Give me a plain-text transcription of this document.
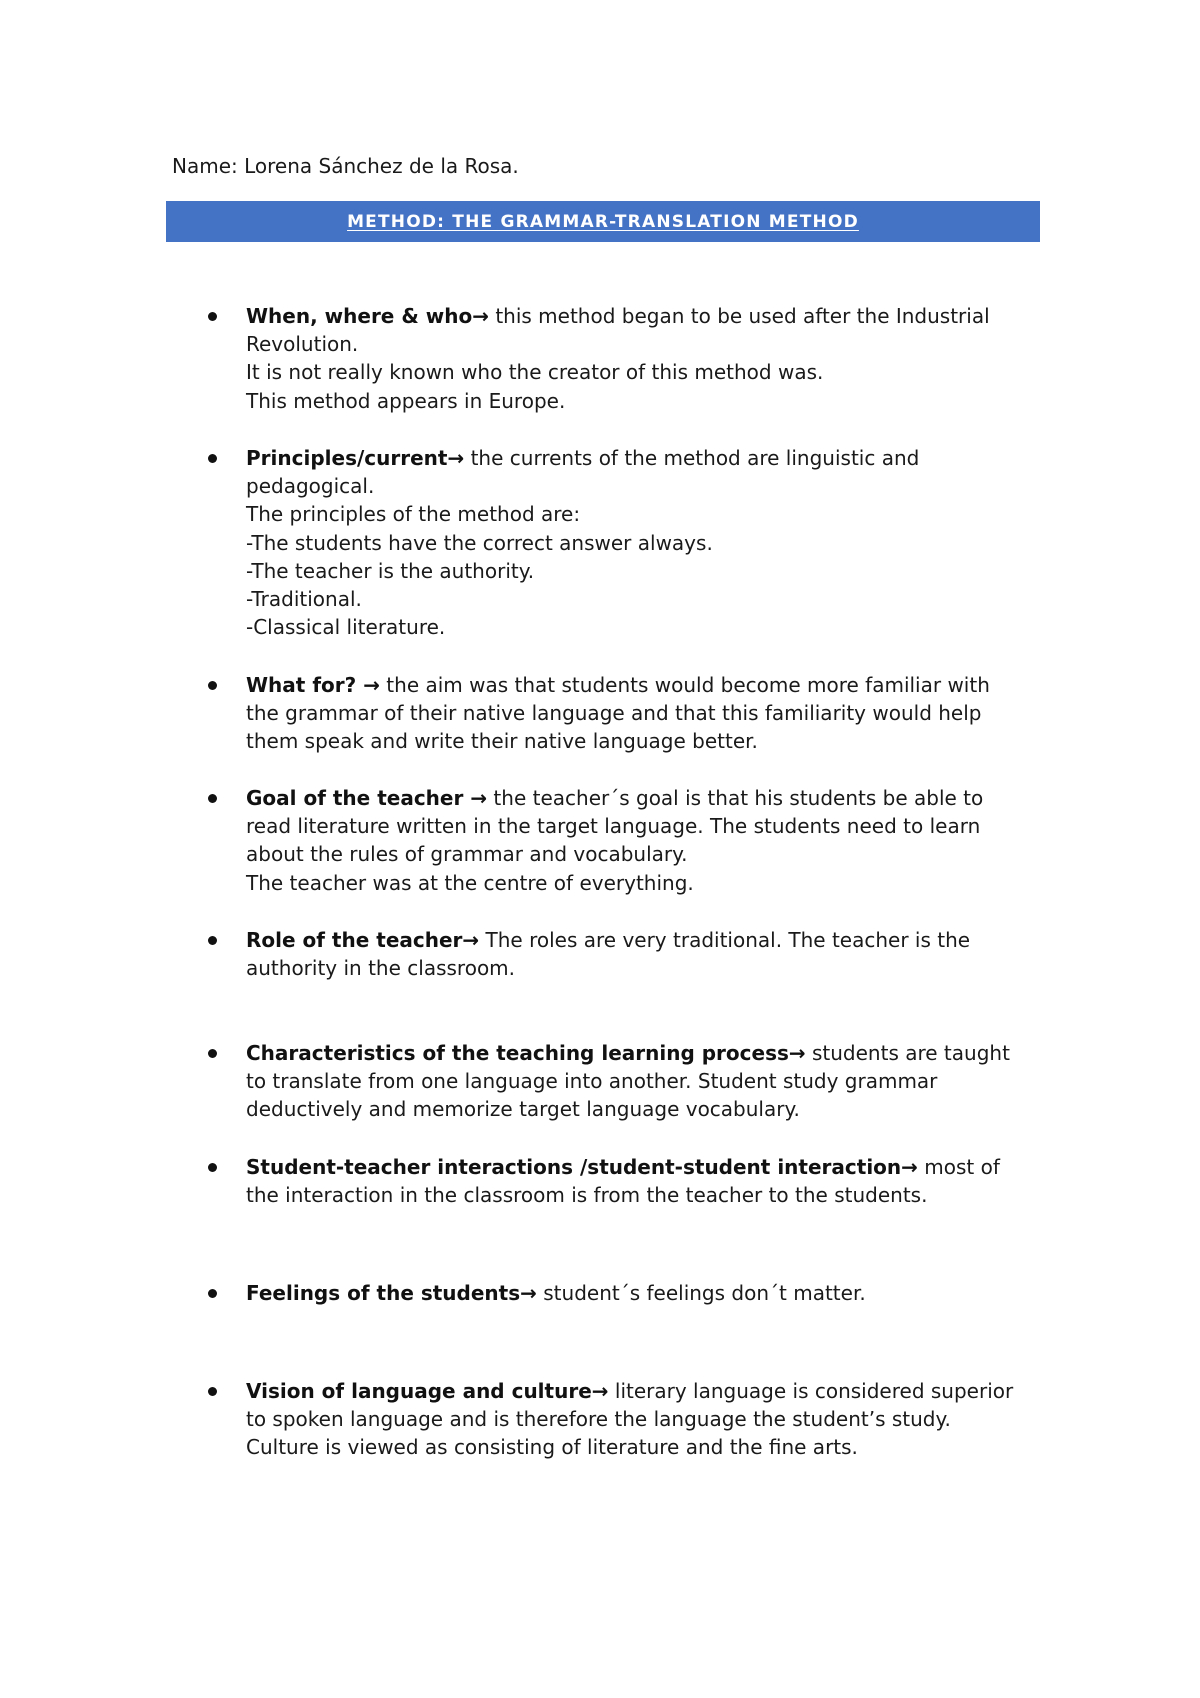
Name: Lorena Sánchez de la Rosa.
METHOD: THE GRAMMAR-TRANSLATION METHOD

When, where & who→ this method began to be used after the Industrial

Revolution.

It is not really known who the creator of this method was.

This method appears in Europe.

Principles/current→ the currents of the method are linguistic and

pedagogical.

The principles of the method are:

-The students have the correct answer always.

-The teacher is the authority.

-Traditional.

-Classical literature.

What for? → the aim was that students would become more familiar with

the grammar of their native language and that this familiarity would help

them speak and write their native language better.

Goal of the teacher → the teacher´s goal is that his students be able to

read literature written in the target language. The students need to learn

about the rules of grammar and vocabulary.

The teacher was at the centre of everything.

Role of the teacher→ The roles are very traditional. The teacher is the

authority in the classroom.

Characteristics of the teaching learning process→ students are taught

to translate from one language into another. Student study grammar

deductively and memorize target language vocabulary.

Student-teacher interactions /student-student interaction→ most of

the interaction in the classroom is from the teacher to the students.

Feelings of the students→ student´s feelings don´t matter.

Vision of language and culture→ literary language is considered superior

to spoken language and is therefore the language the student’s study.

Culture is viewed as consisting of literature and the fine arts.
